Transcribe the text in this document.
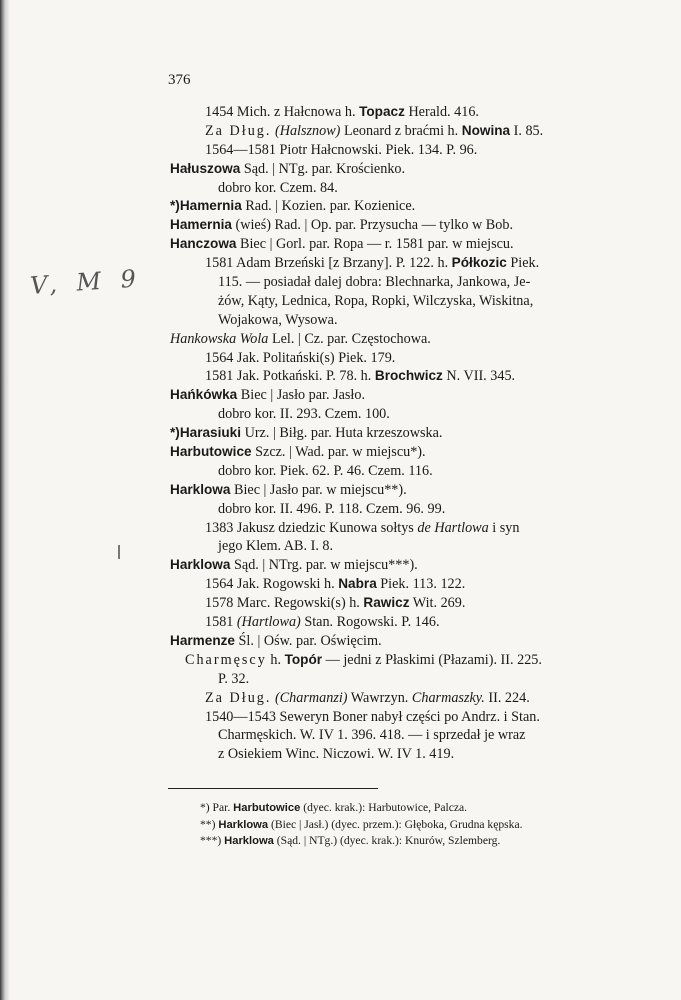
376
V, M 9
1454 Mich. z Hałcnowa h. Topacz Herald. 416.
Za Dług. (Halsznow) Leonard z braćmi h. Nowina I. 85.
1564—1581 Piotr Hałcnowski. Piek. 134. P. 96.
Hałuszowa Sąd. | NTg. par. Krościenko.
dobro kor. Czem. 84.
*)Hamernia Rad. | Kozien. par. Kozienice.
Hamernia (wieś) Rad. | Op. par. Przysucha — tylko w Bob.
Hanczowa Biec | Gorl. par. Ropa — r. 1581 par. w miejscu.
1581 Adam Brzeński [z Brzany]. P. 122. h. Półkozic Piek.
115. — posiadał dalej dobra: Blechnarka, Jankowa, Je-
żów, Kąty, Lednica, Ropa, Ropki, Wilczyska, Wiskitna,
Wojakowa, Wysowa.
Hankowska Wola Lel. | Cz. par. Częstochowa.
1564 Jak. Politański(s) Piek. 179.
1581 Jak. Potkański. P. 78. h. Brochwicz N. VII. 345.
Hańkówka Biec | Jasło par. Jasło.
dobro kor. II. 293. Czem. 100.
*)Harasiuki Urz. | Biłg. par. Huta krzeszowska.
Harbutowice Szcz. | Wad. par. w miejscu*).
dobro kor. Piek. 62. P. 46. Czem. 116.
Harklowa Biec | Jasło par. w miejscu**).
dobro kor. II. 496. P. 118. Czem. 96. 99.
1383 Jakusz dziedzic Kunowa sołtys de Hartlowa i syn
jego Klem. AB. I. 8.
Harklowa Sąd. | NTrg. par. w miejscu***).
1564 Jak. Rogowski h. Nabra Piek. 113. 122.
1578 Marc. Regowski(s) h. Rawicz Wit. 269.
1581 (Hartlowa) Stan. Rogowski. P. 146.
Harmenze Śl. | Ośw. par. Oświęcim.
Charmęscy h. Topór — jedni z Płaskimi (Płazami). II. 225.
P. 32.
Za Dług. (Charmanzi) Wawrzyn. Charmaszky. II. 224.
1540—1543 Seweryn Boner nabył części po Andrz. i Stan.
Charmęskich. W. IV 1. 396. 418. — i sprzedał je wraz
z Osiekiem Winc. Niczowi. W. IV 1. 419.
*) Par. Harbutowice (dyec. krak.): Harbutowice, Palcza.
**) Harklowa (Biec | Jasł.) (dyec. przem.): Głęboka, Grudna kępska.
***) Harklowa (Sąd. | NTg.) (dyec. krak.): Knurów, Szlemberg.
